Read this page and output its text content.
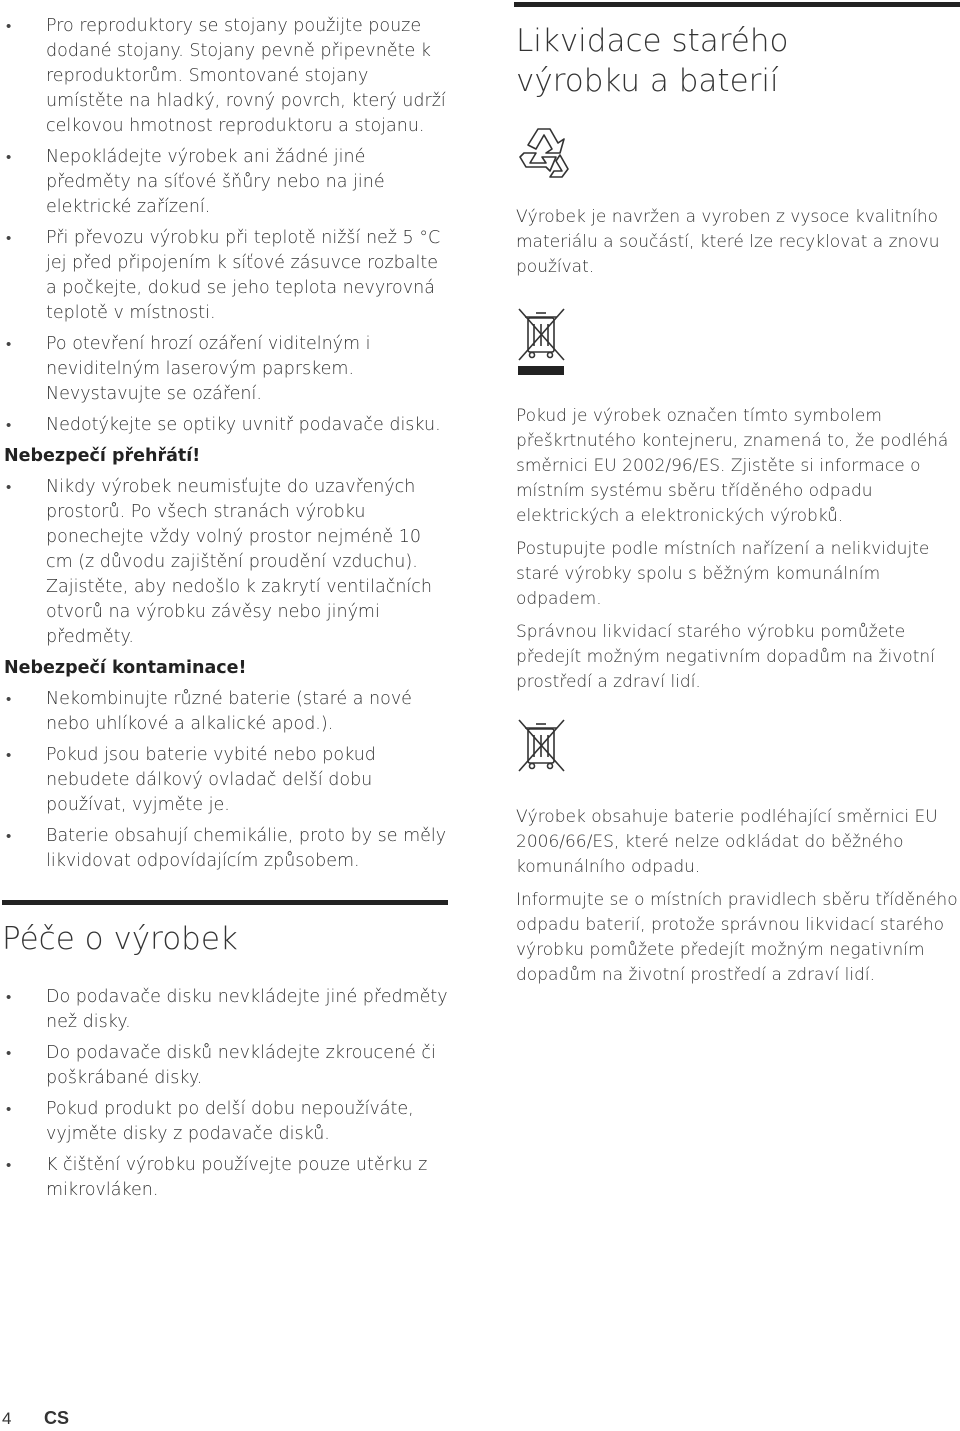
• Pro reproduktory se stojany použijte pouze dodané stojany. Stojany pevně připevněte k reproduktorům. Smontované stojany umístěte na hladký, rovný povrch, který udrží celkovou hmotnost reproduktoru a stojanu.
• Nepokládejte výrobek ani žádné jiné předměty na síťové šňůry nebo na jiné elektrické zařízení.
• Při převozu výrobku při teplotě nižší než 5 °C jej před připojením k síťové zásuvce rozbalte a počkejte, dokud se jeho teplota nevyrovná teplotě v místnosti.
• Po otevření hrozí ozáření viditelným i neviditelným laserovým paprskem. Nevystavujte se ozáření.
• Nedotýkejte se optiky uvnitř podavače disku.
Nebezpečí přehřátí!
• Nikdy výrobek neumisťujte do uzavřených prostorů. Po všech stranách výrobku ponechejte vždy volný prostor nejméně 10 cm (z důvodu zajištění proudění vzduchu). Zajistěte, aby nedošlo k zakrytí ventilačních otvorů na výrobku závěsy nebo jinými předměty.
Nebezpečí kontaminace!
• Nekombinujte různé baterie (staré a nové nebo uhlíkové a alkalické apod.).
• Pokud jsou baterie vybité nebo pokud nebudete dálkový ovladač delší dobu používat, vyjměte je.
• Baterie obsahují chemikálie, proto by se měly likvidovat odpovídajícím způsobem.
Péče o výrobek
• Do podavače disku nevkládejte jiné předměty než disky.
• Do podavače disků nevkládejte zkroucené či poškrábané disky.
• Pokud produkt po delší dobu nepoužíváte, vyjměte disky z podavače disků.
• K čištění výrobku používejte pouze utěrku z mikrovláken.
Likvidace starého výrobku a baterií
Výrobek je navržen a vyroben z vysoce kvalitního materiálu a součástí, které lze recyklovat a znovu používat.
Pokud je výrobek označen tímto symbolem přeškrtnutého kontejneru, znamená to, že podléhá směrnici EU 2002/96/ES. Zjistěte si informace o místním systému sběru tříděného odpadu elektrických a elektronických výrobků.
Postupujte podle místních nařízení a nelikvidujte staré výrobky spolu s běžným komunálním odpadem.
Správnou likvidací starého výrobku pomůžete předejít možným negativním dopadům na životní prostředí a zdraví lidí.
Výrobek obsahuje baterie podléhající směrnici EU 2006/66/ES, které nelze odkládat do běžného komunálního odpadu.
Informujte se o místních pravidlech sběru tříděného odpadu baterií, protože správnou likvidací starého výrobku pomůžete předejít možným negativním dopadům na životní prostředí a zdraví lidí.
4 CS
